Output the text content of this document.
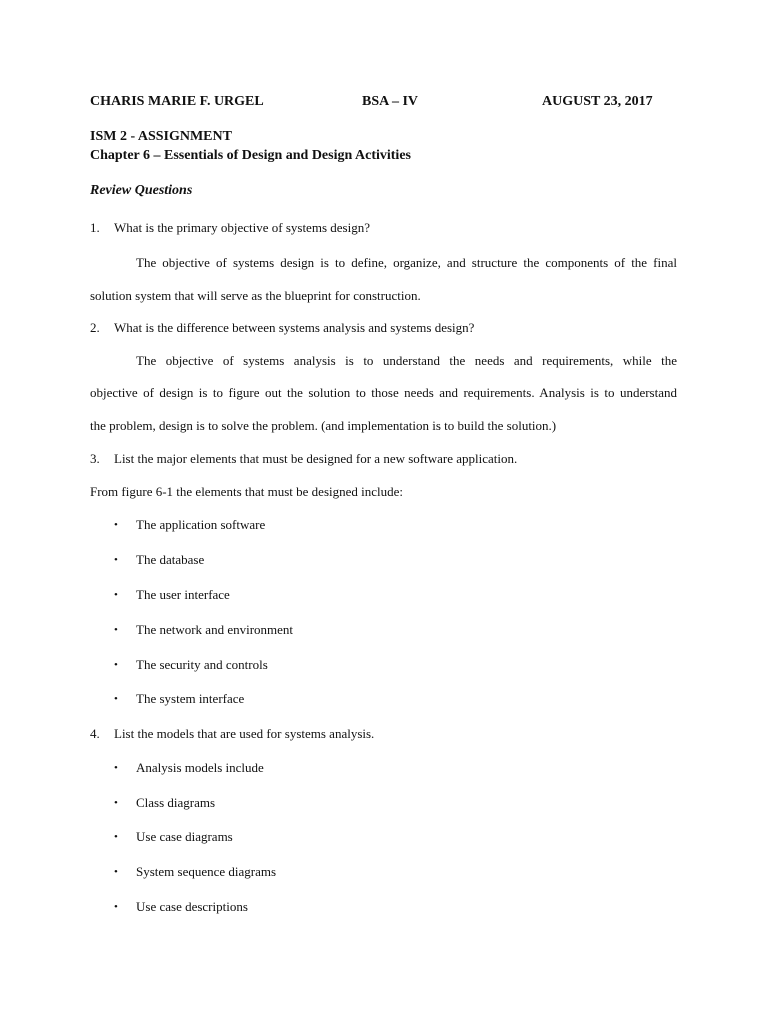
CHARIS MARIE F. URGEL	BSA – IV	AUGUST 23, 2017
ISM 2 - ASSIGNMENT
Chapter 6 – Essentials of Design and Design Activities
Review Questions
1. What is the primary objective of systems design?
The objective of systems design is to define, organize, and structure the components of the final
solution system that will serve as the blueprint for construction.
2. What is the difference between systems analysis and systems design?
The objective of systems analysis is to understand the needs and requirements, while the
objective of design is to figure out the solution to those needs and requirements. Analysis is to understand
the problem, design is to solve the problem. (and implementation is to build the solution.)
3. List the major elements that must be designed for a new software application.
From figure 6-1 the elements that must be designed include:
• The application software
• The database
• The user interface
• The network and environment
• The security and controls
• The system interface
4. List the models that are used for systems analysis.
• Analysis models include
• Class diagrams
• Use case diagrams
• System sequence diagrams
• Use case descriptions
